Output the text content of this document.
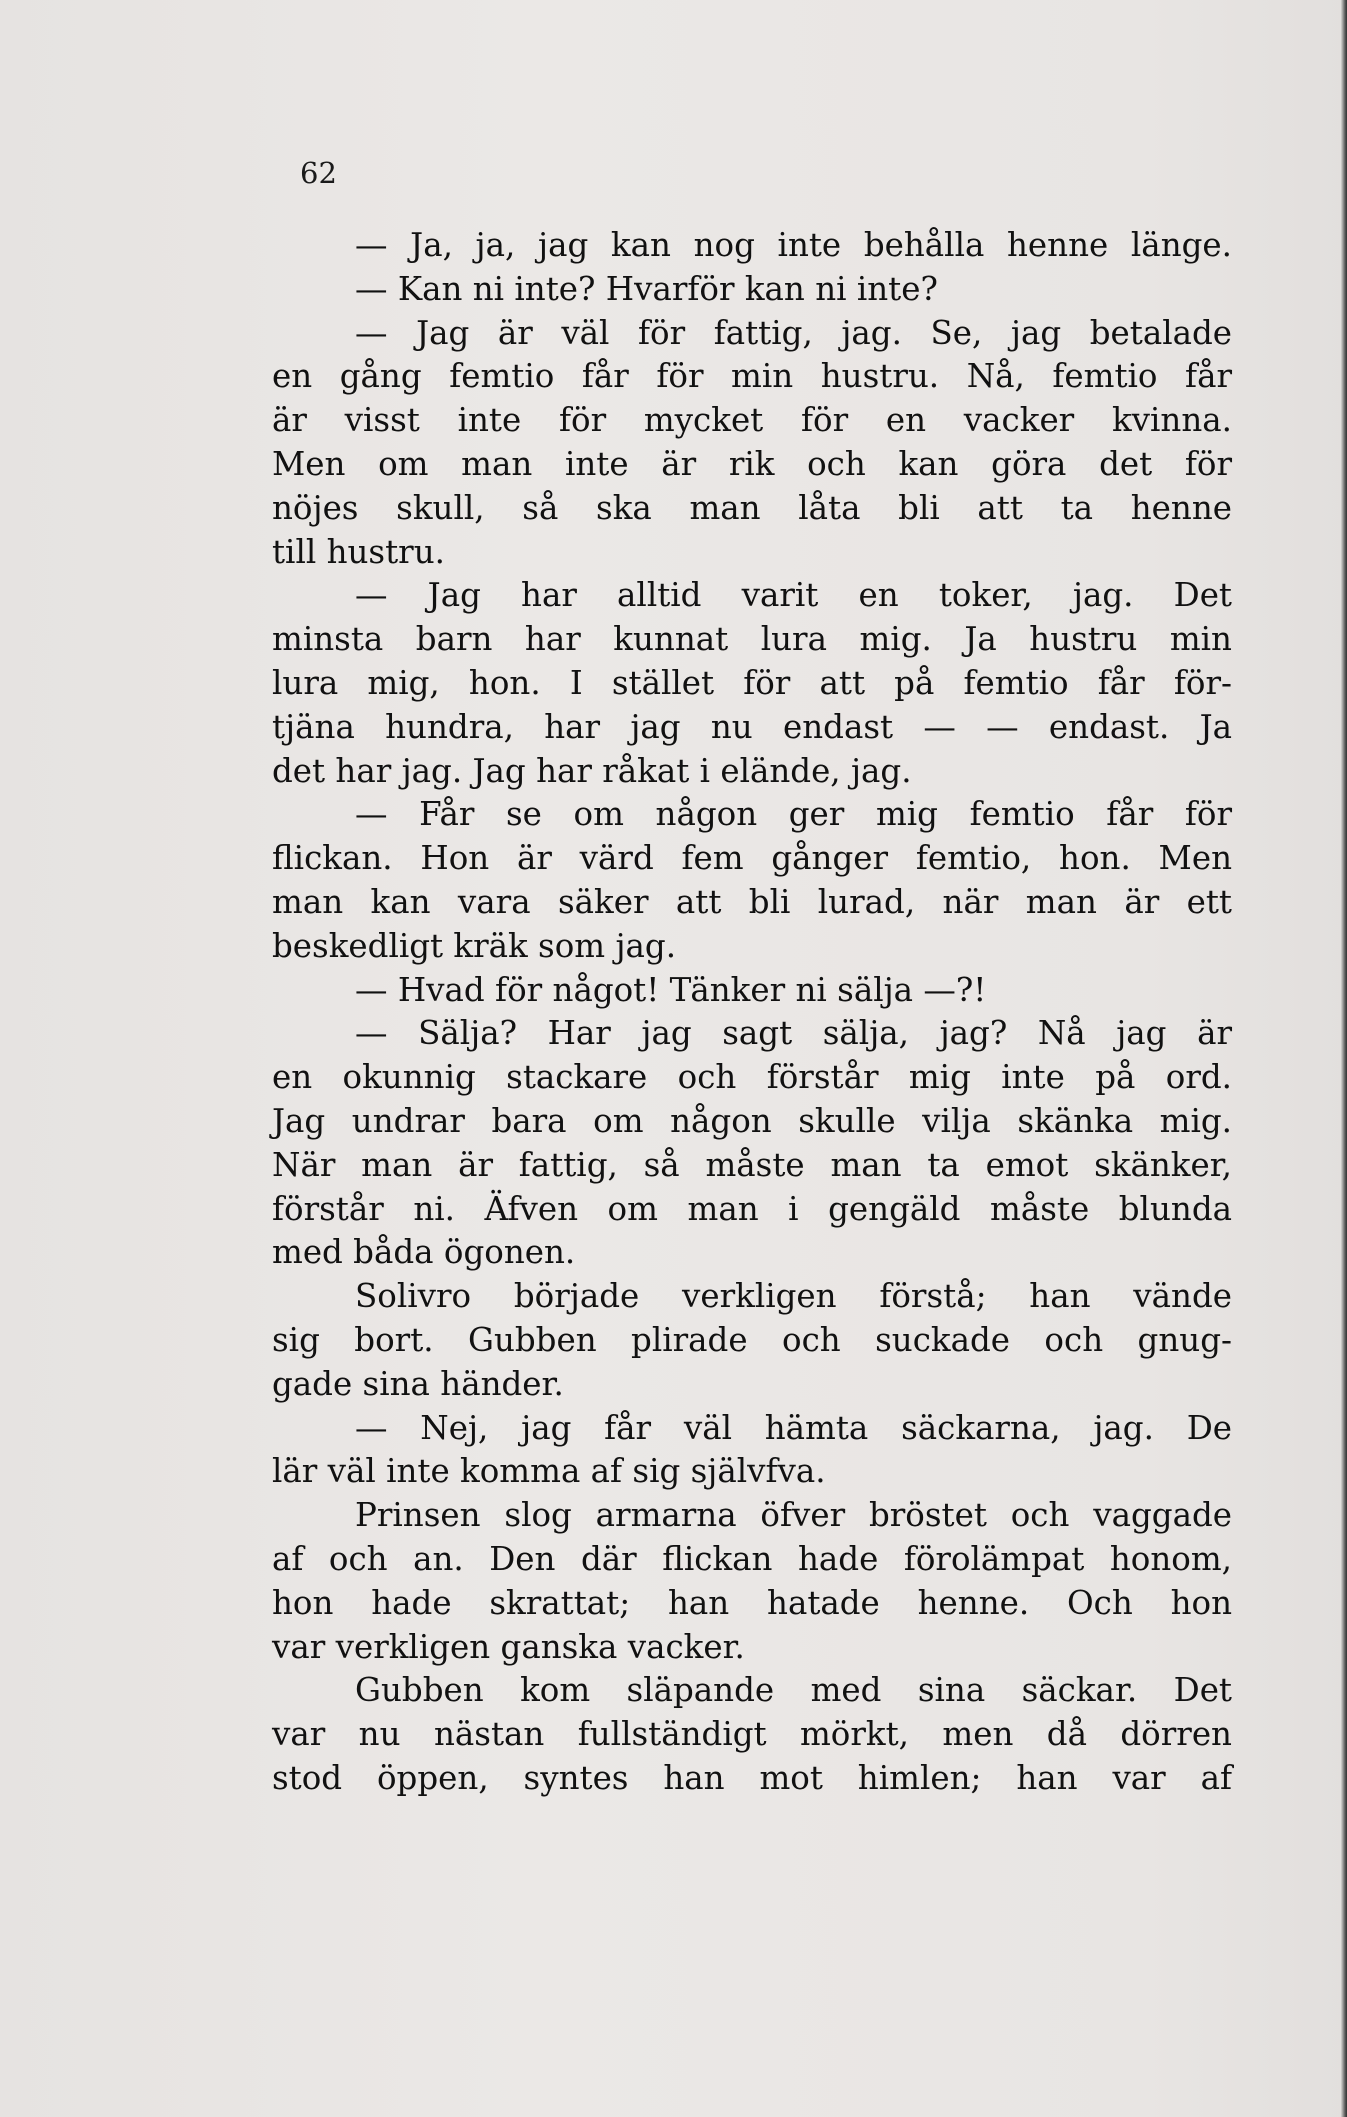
62

— Ja, ja, jag kan nog inte behålla henne länge.
— Kan ni inte? Hvarför kan ni inte?
— Jag är väl för fattig, jag. Se, jag betalade
en gång femtio får för min hustru. Nå, femtio får
är visst inte för mycket för en vacker kvinna.
Men om man inte är rik och kan göra det för
nöjes skull, så ska man låta bli att ta henne
till hustru.
— Jag har alltid varit en toker, jag. Det
minsta barn har kunnat lura mig. Ja hustru min
lura mig, hon. I stället för att på femtio får för-
tjäna hundra, har jag nu endast — — endast. Ja
det har jag. Jag har råkat i elände, jag.
— Får se om någon ger mig femtio får för
flickan. Hon är värd fem gånger femtio, hon. Men
man kan vara säker att bli lurad, när man är ett
beskedligt kräk som jag.
— Hvad för något! Tänker ni sälja —?!
— Sälja? Har jag sagt sälja, jag? Nå jag är
en okunnig stackare och förstår mig inte på ord.
Jag undrar bara om någon skulle vilja skänka mig.
När man är fattig, så måste man ta emot skänker,
förstår ni. Äfven om man i gengäld måste blunda
med båda ögonen.
Solivro började verkligen förstå; han vände
sig bort. Gubben plirade och suckade och gnug-
gade sina händer.
— Nej, jag får väl hämta säckarna, jag. De
lär väl inte komma af sig självfva.
Prinsen slog armarna öfver bröstet och vaggade
af och an. Den där flickan hade förolämpat honom,
hon hade skrattat; han hatade henne. Och hon
var verkligen ganska vacker.
Gubben kom släpande med sina säckar. Det
var nu nästan fullständigt mörkt, men då dörren
stod öppen, syntes han mot himlen; han var af
